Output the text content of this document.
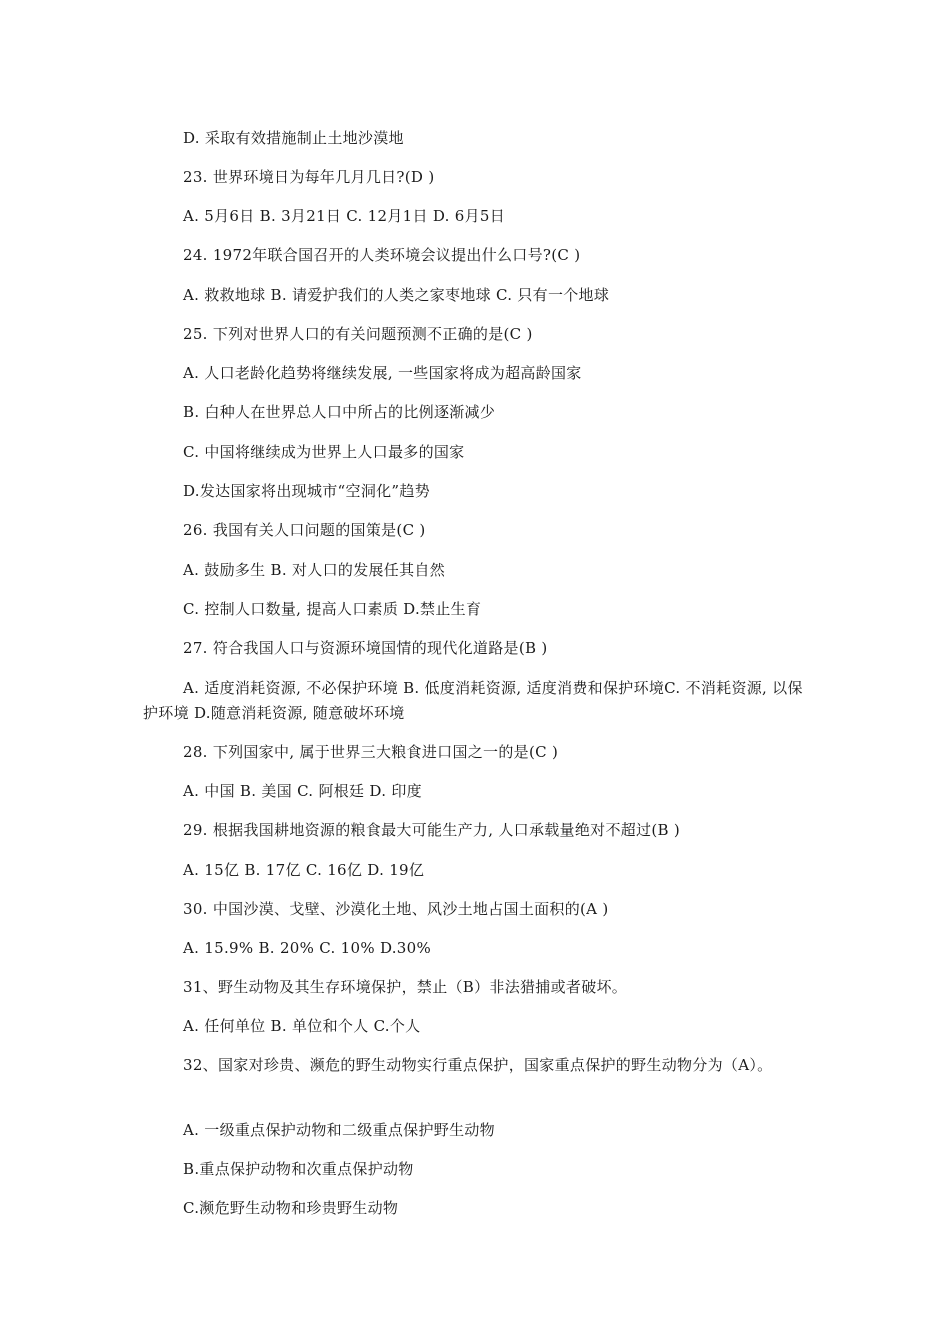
D. 采取有效措施制止土地沙漠地
23. 世界环境日为每年几月几日?(D )
A. 5月6日 B. 3月21日 C. 12月1日 D. 6月5日
24. 1972年联合国召开的人类环境会议提出什么口号?(C )
A. 救救地球 B. 请爱护我们的人类之家枣地球 C. 只有一个地球
25. 下列对世界人口的有关问题预测不正确的是(C )
A. 人口老龄化趋势将继续发展, 一些国家将成为超高龄国家
B. 白种人在世界总人口中所占的比例逐渐减少
C. 中国将继续成为世界上人口最多的国家
D.发达国家将出现城市“空洞化”趋势
26. 我国有关人口问题的国策是(C )
A. 鼓励多生 B. 对人口的发展任其自然
C. 控制人口数量, 提高人口素质 D.禁止生育
27. 符合我国人口与资源环境国情的现代化道路是(B )
A. 适度消耗资源, 不必保护环境 B. 低度消耗资源, 适度消费和保护环境C. 不消耗资源, 以保护环境 D.随意消耗资源, 随意破坏环境
28. 下列国家中, 属于世界三大粮食进口国之一的是(C )
A. 中国 B. 美国 C. 阿根廷 D. 印度
29. 根据我国耕地资源的粮食最大可能生产力, 人口承载量绝对不超过(B )
A. 15亿 B. 17亿 C. 16亿 D. 19亿
30. 中国沙漠、戈壁、沙漠化土地、风沙土地占国土面积的(A )
A. 15.9% B. 20% C. 10% D.30%
31、野生动物及其生存环境保护，禁止（B）非法猎捕或者破坏。
A. 任何单位 B. 单位和个人 C.个人
32、国家对珍贵、濒危的野生动物实行重点保护，国家重点保护的野生动物分为（A）。
A. 一级重点保护动物和二级重点保护野生动物
B.重点保护动物和次重点保护动物
C.濒危野生动物和珍贵野生动物
